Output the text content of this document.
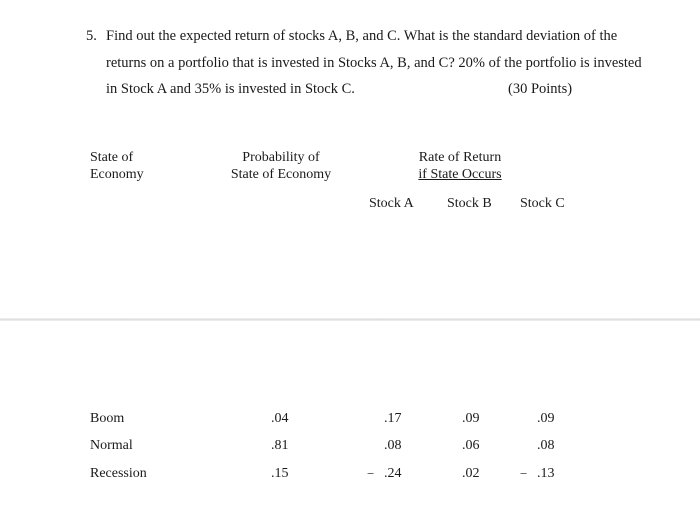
5. Find out the expected return of stocks A, B, and C. What is the standard deviation of the
returns on a portfolio that is invested in Stocks A, B, and C? 20% of the portfolio is invested
in Stock A and 35% is invested in Stock C.	(30 Points)
State of
Economy
Probability of
State of Economy
Rate of Return
if State Occurs
Stock A Stock B Stock C
Boom	.04	.17	.09	.09
Normal	.81	.08	.06	.08
Recession	.15	− .24	.02	− .13
